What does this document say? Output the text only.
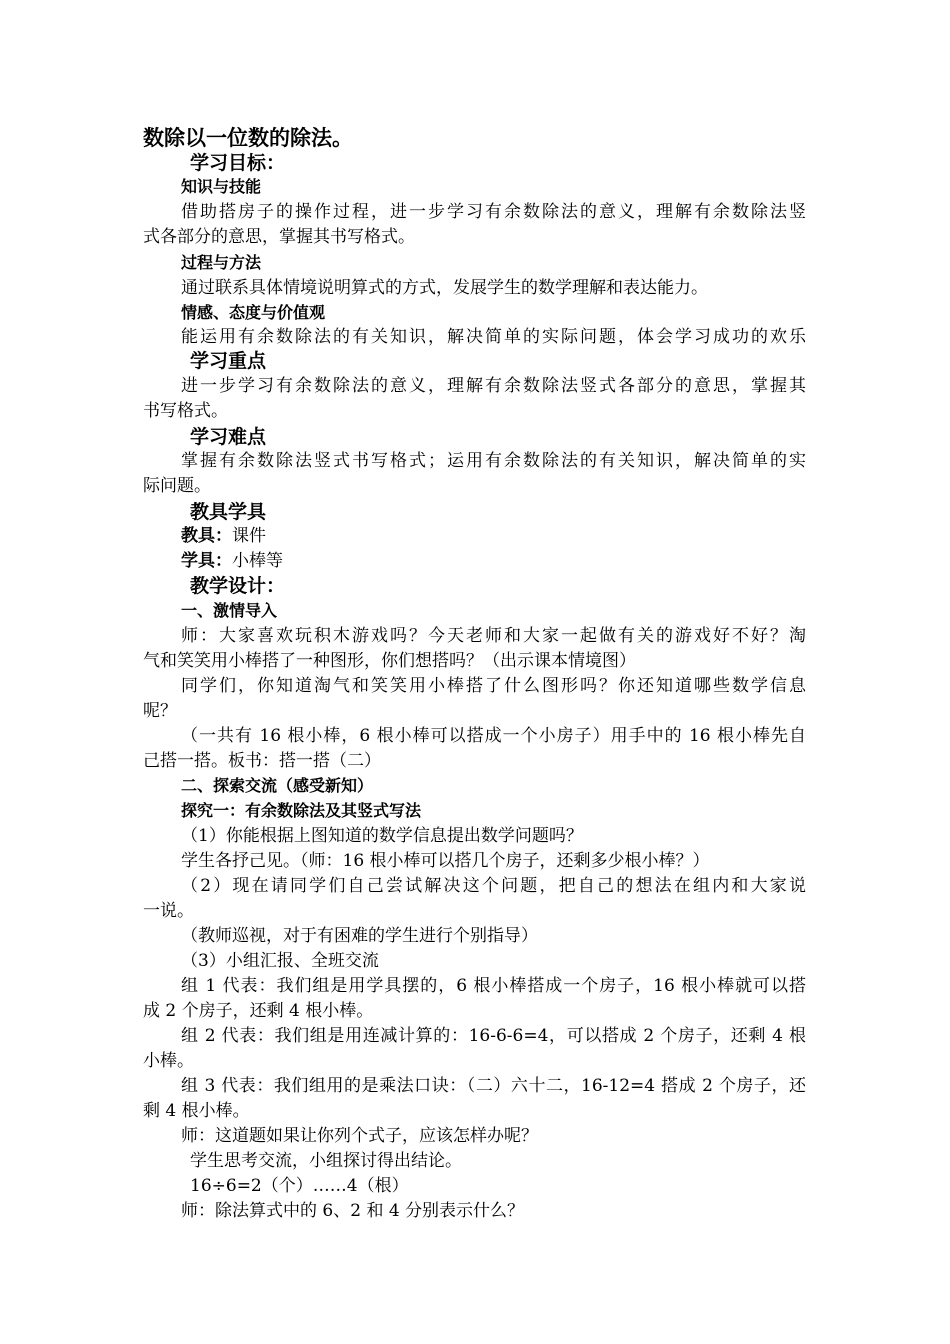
数除以一位数的除法。
学习目标：
知识与技能
借助搭房子的操作过程，进一步学习有余数除法的意义，理解有余数除法竖
式各部分的意思，掌握其书写格式。
过程与方法
通过联系具体情境说明算式的方式，发展学生的数学理解和表达能力。
情感、态度与价值观
能运用有余数除法的有关知识，解决简单的实际问题，体会学习成功的欢乐
学习重点
进一步学习有余数除法的意义，理解有余数除法竖式各部分的意思，掌握其
书写格式。
学习难点
掌握有余数除法竖式书写格式；运用有余数除法的有关知识，解决简单的实
际问题。
教具学具
教具：课件
学具：小棒等
教学设计：
一、激情导入
师：大家喜欢玩积木游戏吗？今天老师和大家一起做有关的游戏好不好？淘
气和笑笑用小棒搭了一种图形，你们想搭吗？（出示课本情境图）
同学们，你知道淘气和笑笑用小棒搭了什么图形吗？你还知道哪些数学信息
呢？
（一共有 16 根小棒，6 根小棒可以搭成一个小房子）用手中的 16 根小棒先自
己搭一搭。板书：搭一搭（二）
二、探索交流（感受新知）
探究一：有余数除法及其竖式写法
（1）你能根据上图知道的数学信息提出数学问题吗？
学生各抒己见。（师：16 根小棒可以搭几个房子，还剩多少根小棒？）
（2）现在请同学们自己尝试解决这个问题，把自己的想法在组内和大家说
一说。
（教师巡视，对于有困难的学生进行个别指导）
（3）小组汇报、全班交流
组 1 代表：我们组是用学具摆的，6 根小棒搭成一个房子，16 根小棒就可以搭
成 2 个房子，还剩 4 根小棒。
组 2 代表：我们组是用连减计算的：16-6-6=4，可以搭成 2 个房子，还剩 4 根
小棒。
组 3 代表：我们组用的是乘法口诀：（二）六十二，16-12=4 搭成 2 个房子，还
剩 4 根小棒。
师：这道题如果让你列个式子，应该怎样办呢？
学生思考交流，小组探讨得出结论。
16÷6=2（个）……4（根）
师：除法算式中的 6、2 和 4 分别表示什么？
